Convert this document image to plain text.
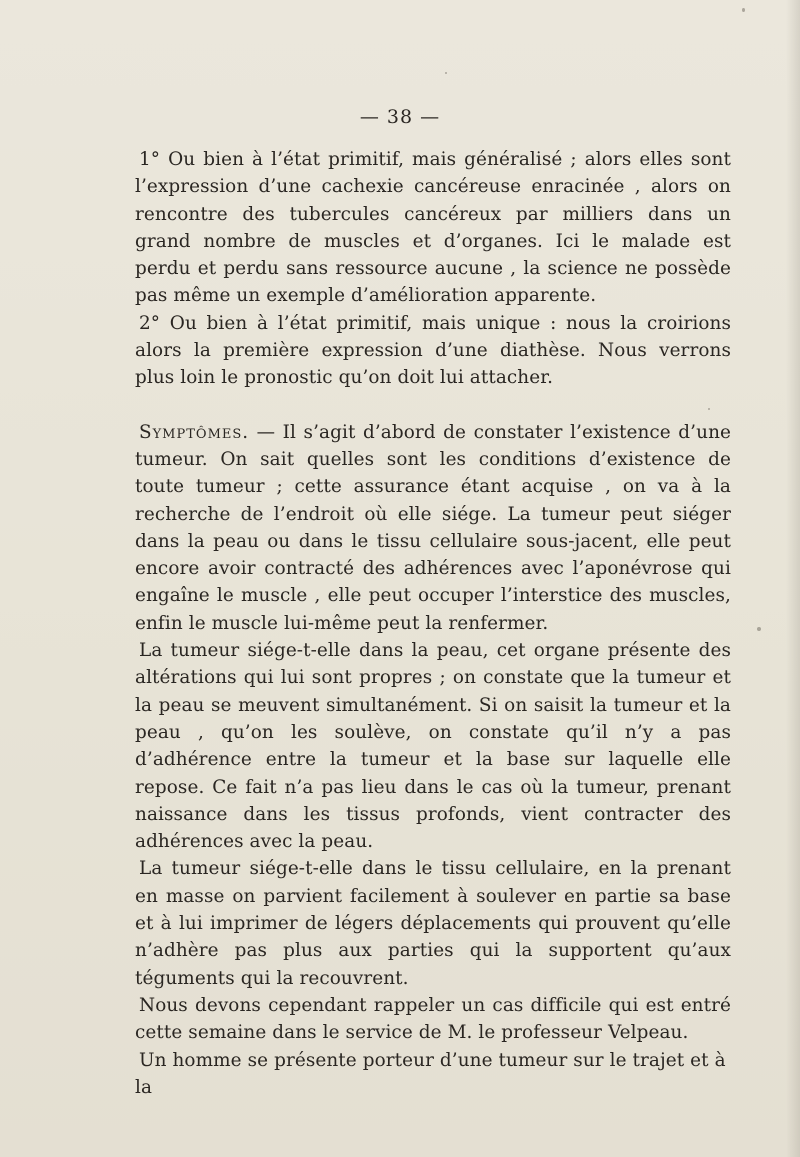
— 38 —

1° Ou bien à l’état primitif, mais généralisé ; alors elles sont l’expression d’une cachexie cancéreuse enracinée , alors on rencontre des tubercules cancéreux par milliers dans un grand nombre de muscles et d’organes. Ici le malade est perdu et perdu sans ressource aucune , la science ne possède pas même un exemple d’amélioration apparente.

2° Ou bien à l’état primitif, mais unique : nous la croirions alors la première expression d’une diathèse. Nous verrons plus loin le pronostic qu’on doit lui attacher.

Symptômes. — Il s’agit d’abord de constater l’existence d’une tumeur. On sait quelles sont les conditions d’existence de toute tumeur ; cette assurance étant acquise , on va à la recherche de l’endroit où elle siége. La tumeur peut siéger dans la peau ou dans le tissu cellulaire sous-jacent, elle peut encore avoir contracté des adhérences avec l’aponévrose qui engaîne le muscle , elle peut occuper l’interstice des muscles, enfin le muscle lui-même peut la renfermer.

La tumeur siége-t-elle dans la peau, cet organe présente des altérations qui lui sont propres ; on constate que la tumeur et la peau se meuvent simultanément. Si on saisit la tumeur et la peau , qu’on les soulève, on constate qu’il n’y a pas d’adhérence entre la tumeur et la base sur laquelle elle repose. Ce fait n’a pas lieu dans le cas où la tumeur, prenant naissance dans les tissus profonds, vient contracter des adhérences avec la peau.

La tumeur siége-t-elle dans le tissu cellulaire, en la prenant en masse on parvient facilement à soulever en partie sa base et à lui imprimer de légers déplacements qui prouvent qu’elle n’adhère pas plus aux parties qui la supportent qu’aux téguments qui la recouvrent.

Nous devons cependant rappeler un cas difficile qui est entré cette semaine dans le service de M. le professeur Velpeau.

Un homme se présente porteur d’une tumeur sur le trajet et à la
